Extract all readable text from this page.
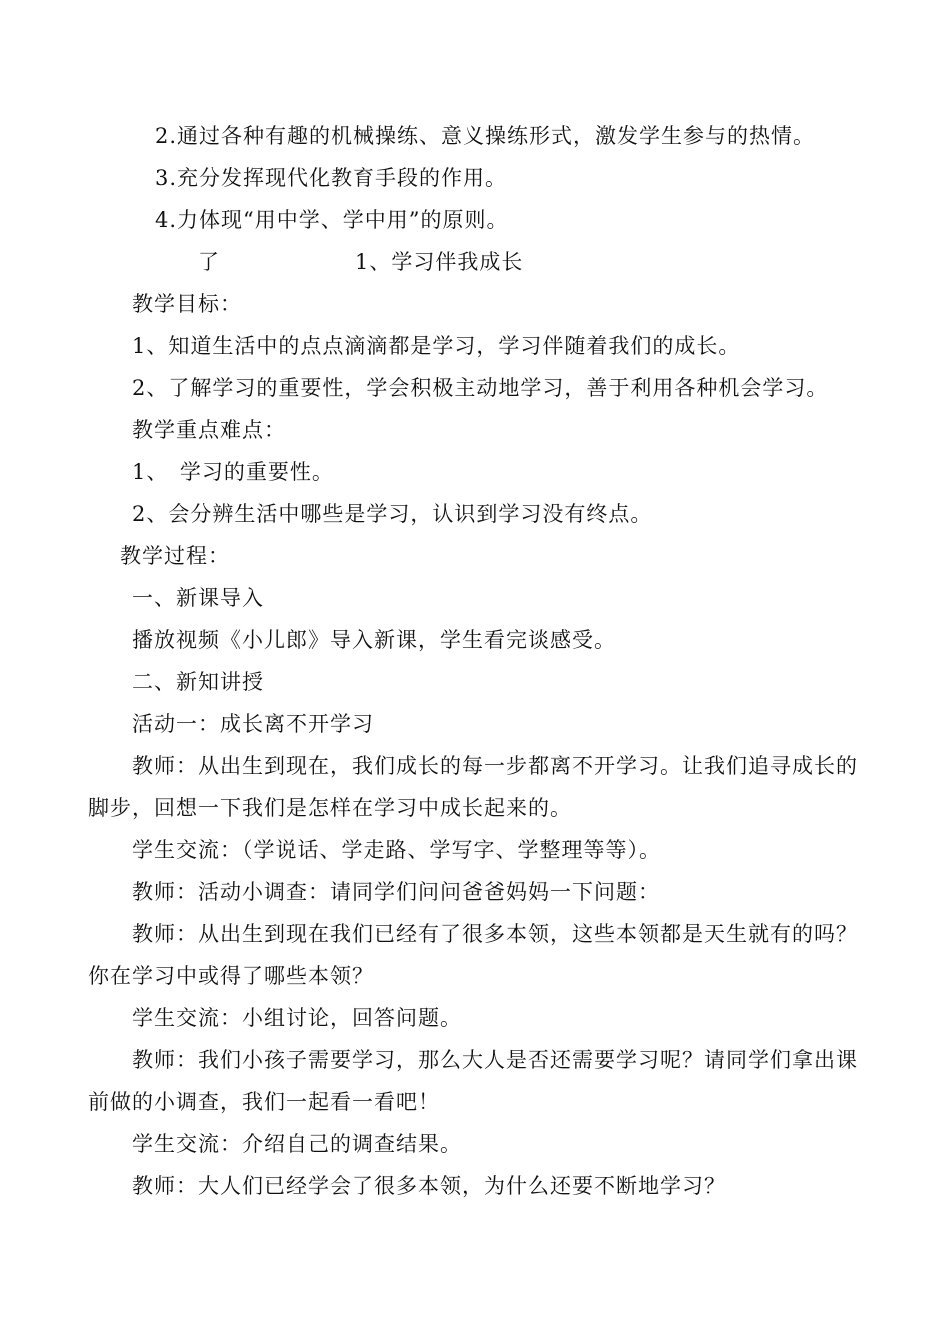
2.通过各种有趣的机械操练、意义操练形式，激发学生参与的热情。
3.充分发挥现代化教育手段的作用。
4.力体现“用中学、学中用”的原则。
了	1、学习伴我成长
教学目标：
1、知道生活中的点点滴滴都是学习，学习伴随着我们的成长。
2、了解学习的重要性，学会积极主动地学习，善于利用各种机会学习。
教学重点难点：
1、　学习的重要性。
2、会分辨生活中哪些是学习，认识到学习没有终点。
教学过程：
一、新课导入
播放视频《小儿郎》导入新课，学生看完谈感受。
二、新知讲授
活动一：成长离不开学习
教师：从出生到现在，我们成长的每一步都离不开学习。让我们追寻成长的
脚步，回想一下我们是怎样在学习中成长起来的。
学生交流：（学说话、学走路、学写字、学整理等等）。
教师：活动小调查：请同学们问问爸爸妈妈一下问题：
教师：从出生到现在我们已经有了很多本领，这些本领都是天生就有的吗？
你在学习中或得了哪些本领？
学生交流：小组讨论，回答问题。
教师：我们小孩子需要学习，那么大人是否还需要学习呢？请同学们拿出课
前做的小调查，我们一起看一看吧！
学生交流：介绍自己的调查结果。
教师：大人们已经学会了很多本领，为什么还要不断地学习？
